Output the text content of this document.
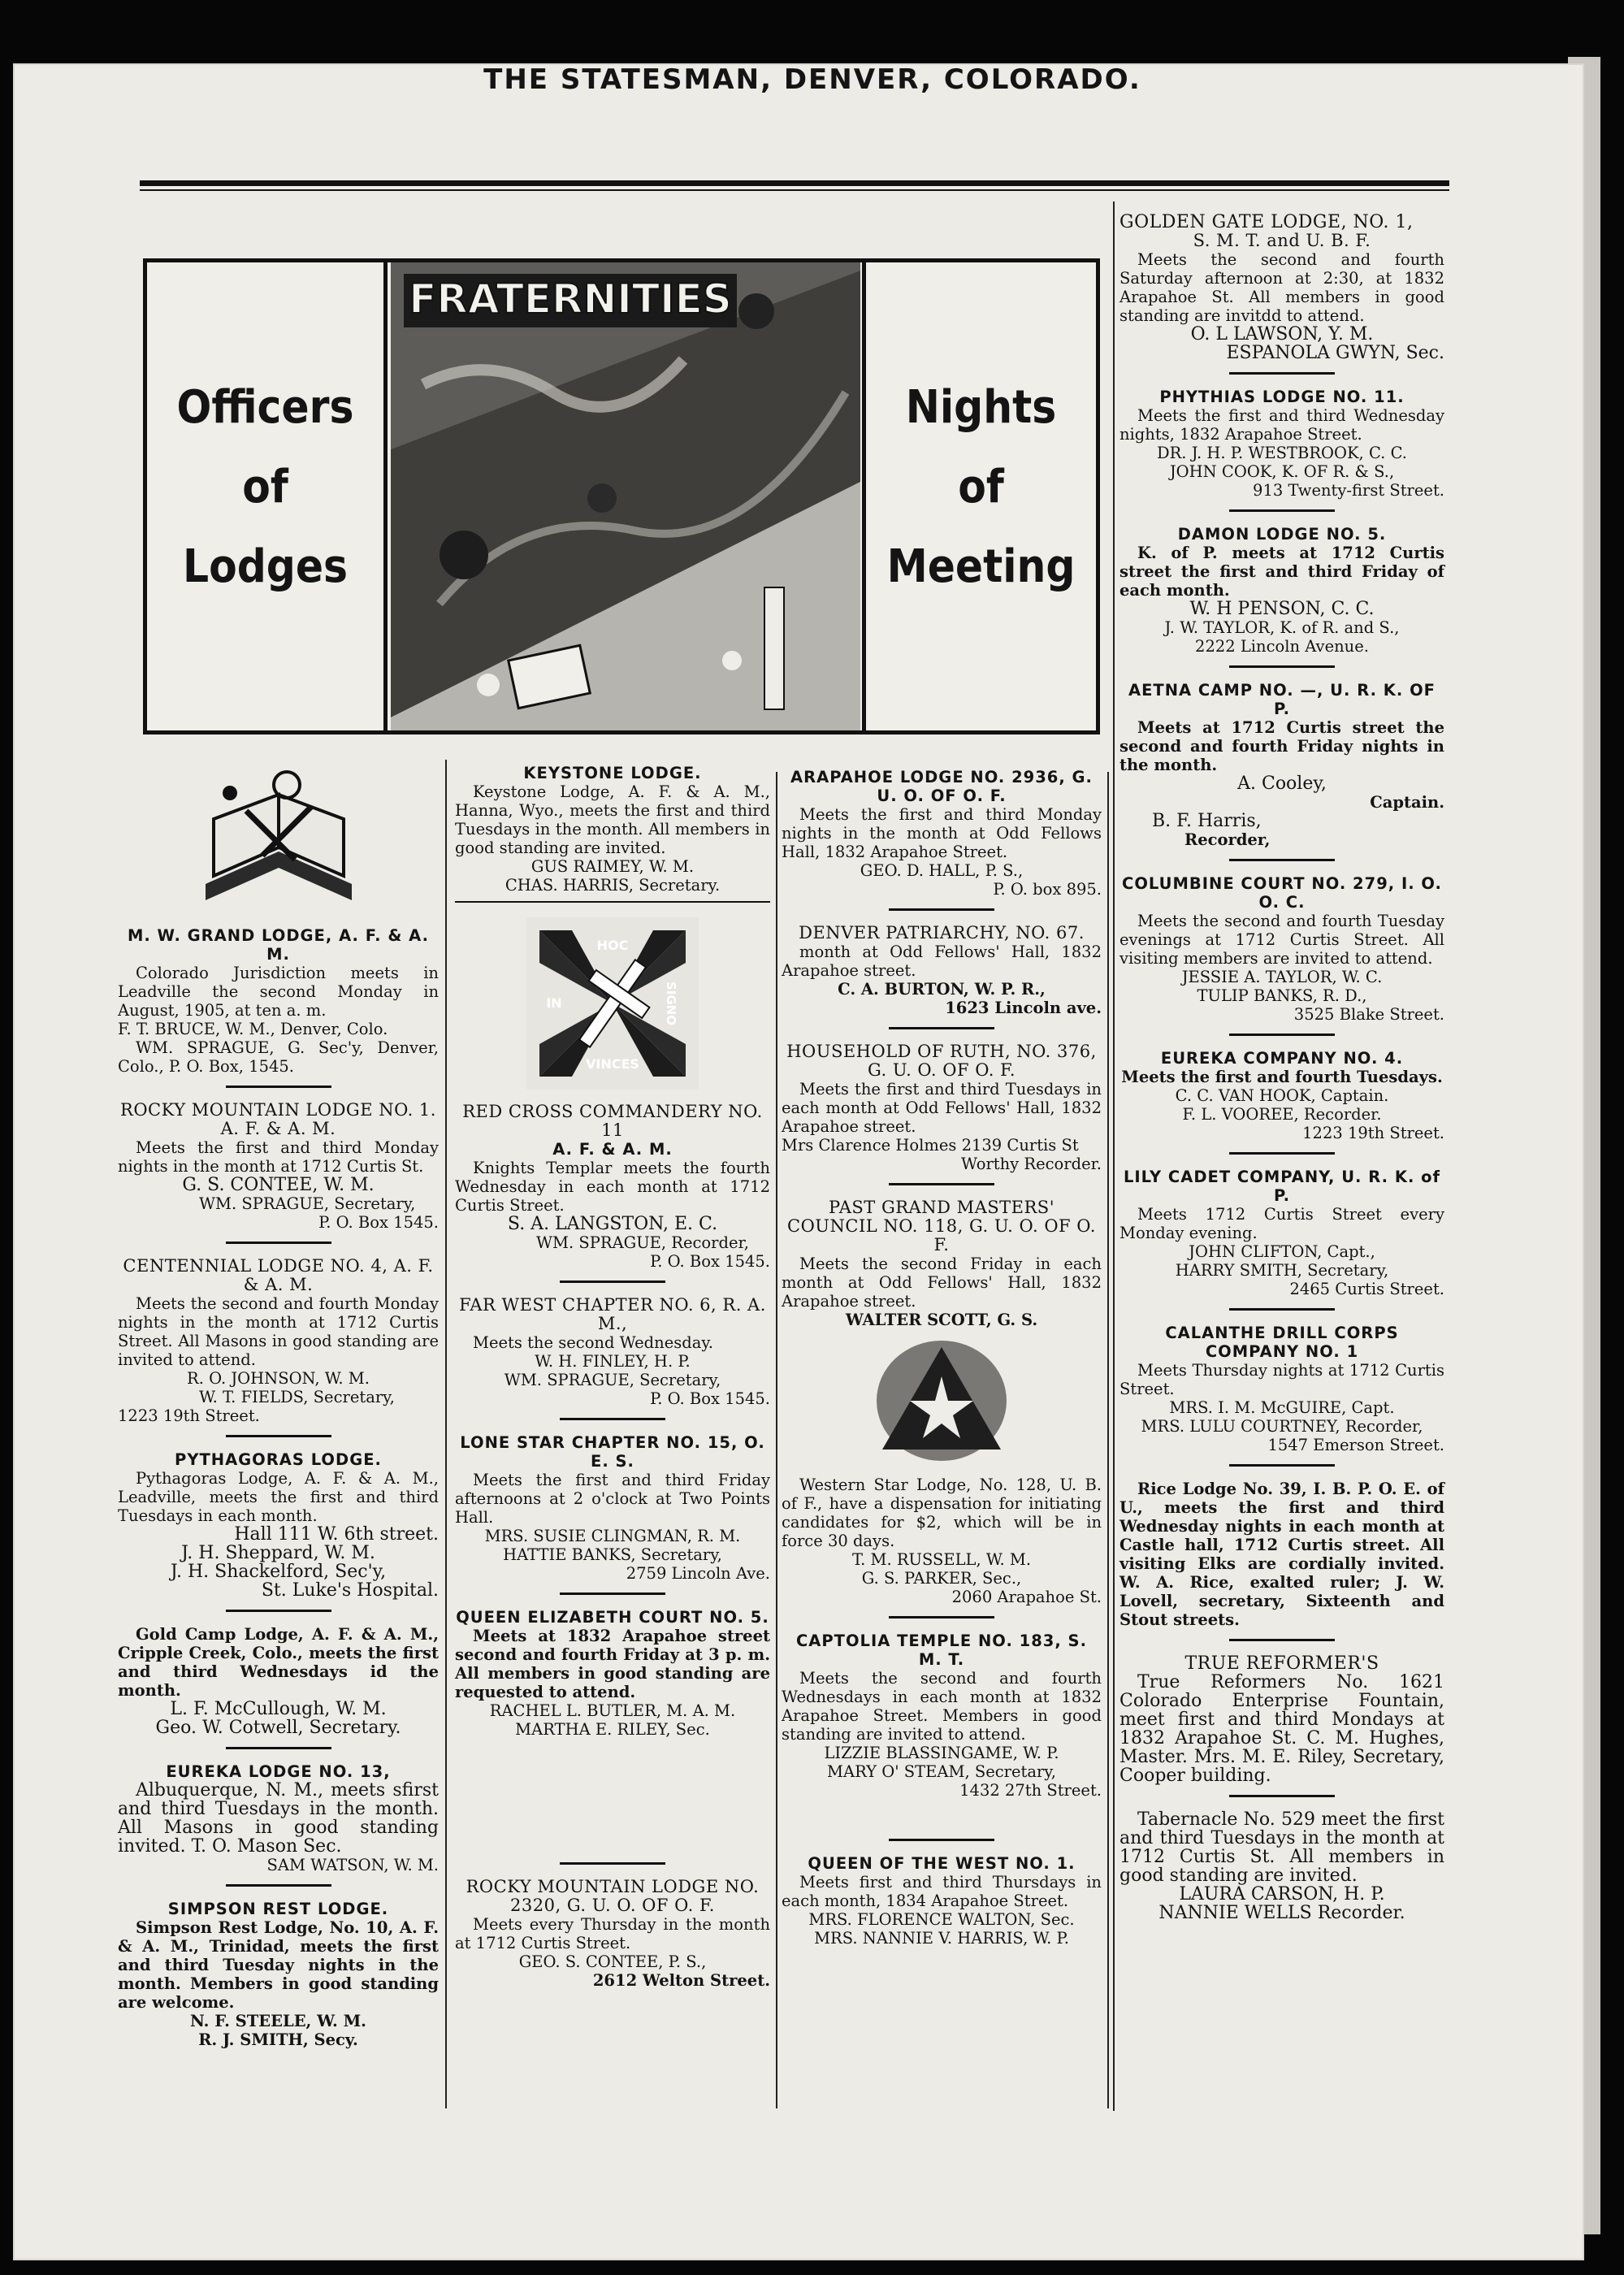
THE STATESMAN, DENVER, COLORADO.
Officers
of
Lodges
FRATERNITIES
Nights
of
Meeting

M. W. GRAND LODGE, A. F. & A. M.

Colorado Jurisdiction meets in Leadville the second Monday in August, 1905, at ten a. m.

F. T. BRUCE, W. M., Denver, Colo.

WM. SPRAGUE, G. Sec'y, Denver, Colo., P. O. Box, 1545.

ROCKY MOUNTAIN LODGE NO. 1. A. F. & A. M.

Meets the first and third Monday nights in the month at 1712 Curtis St.

G. S. CONTEE, W. M.

WM. SPRAGUE, Secretary,

P. O. Box 1545.

CENTENNIAL LODGE NO. 4, A. F. & A. M.

Meets the second and fourth Monday nights in the month at 1712 Curtis Street. All Masons in good standing are invited to attend.

R. O. JOHNSON, W. M.

W. T. FIELDS, Secretary,

1223 19th Street.

PYTHAGORAS LODGE.

Pythagoras Lodge, A. F. & A. M., Leadville, meets the first and third Tuesdays in each month.

Hall 111 W. 6th street.

J. H. Sheppard, W. M.

J. H. Shackelford, Sec'y,

St. Luke's Hospital.

Gold Camp Lodge, A. F. & A. M., Cripple Creek, Colo., meets the first and third Wednesdays id the month.

L. F. McCullough, W. M.

Geo. W. Cotwell, Secretary.

EUREKA LODGE NO. 13,

Albuquerque, N. M., meets sfirst and third Tuesdays in the month. All Masons in good standing invited. T. O. Mason Sec.

SAM WATSON, W. M.

SIMPSON REST LODGE.

Simpson Rest Lodge, No. 10, A. F. & A. M., Trinidad, meets the first and third Tuesday nights in the month. Members in good standing are welcome.

N. F. STEELE, W. M.

R. J. SMITH, Secy.

KEYSTONE LODGE.

Keystone Lodge, A. F. & A. M., Hanna, Wyo., meets the first and third Tuesdays in the month. All members in good standing are invited.

GUS RAIMEY, W. M.

CHAS. HARRIS, Secretary.

HOC
SIGNO
IN
VINCES

RED CROSS COMMANDERY NO. 11

A. F. & A. M.

Knights Templar meets the fourth Wednesday in each month at 1712 Curtis Street.

S. A. LANGSTON, E. C.

WM. SPRAGUE, Recorder,

P. O. Box 1545.

FAR WEST CHAPTER NO. 6, R. A. M.,

Meets the second Wednesday.

W. H. FINLEY, H. P.

WM. SPRAGUE, Secretary,

P. O. Box 1545.

LONE STAR CHAPTER NO. 15, O. E. S.

Meets the first and third Friday afternoons at 2 o'clock at Two Points Hall.

MRS. SUSIE CLINGMAN, R. M.

HATTIE BANKS, Secretary,

2759 Lincoln Ave.

QUEEN ELIZABETH COURT NO. 5.

Meets at 1832 Arapahoe street second and fourth Friday at 3 p. m. All members in good standing are requested to attend.

RACHEL L. BUTLER, M. A. M.

MARTHA E. RILEY, Sec.

ROCKY MOUNTAIN LODGE NO. 2320, G. U. O. OF O. F.

Meets every Thursday in the month at 1712 Curtis Street.

GEO. S. CONTEE, P. S.,

2612 Welton Street.

ARAPAHOE LODGE NO. 2936, G. U. O. OF O. F.

Meets the first and third Monday nights in the month at Odd Fellows Hall, 1832 Arapahoe Street.

GEO. D. HALL, P. S.,

P. O. box 895.

DENVER PATRIARCHY, NO. 67.

month at Odd Fellows' Hall, 1832 Arapahoe street.

C. A. BURTON, W. P. R.,

1623 Lincoln ave.

HOUSEHOLD OF RUTH, NO. 376, G. U. O. OF O. F.

Meets the first and third Tuesdays in each month at Odd Fellows' Hall, 1832 Arapahoe street.

Mrs Clarence Holmes 2139 Curtis St

Worthy Recorder.

PAST GRAND MASTERS' COUNCIL NO. 118, G. U. O. OF O. F.

Meets the second Friday in each month at Odd Fellows' Hall, 1832 Arapahoe street.

WALTER SCOTT, G. S.

Western Star Lodge, No. 128, U. B. of F., have a dispensation for initiating candidates for $2, which will be in force 30 days.

T. M. RUSSELL, W. M.

G. S. PARKER, Sec.,

2060 Arapahoe St.

CAPTOLIA TEMPLE NO. 183, S. M. T.

Meets the second and fourth Wednesdays in each month at 1832 Arapahoe Street. Members in good standing are invited to attend.

LIZZIE BLASSINGAME, W. P.

MARY O' STEAM, Secretary,

1432 27th Street.

QUEEN OF THE WEST NO. 1.

Meets first and third Thursdays in each month, 1834 Arapahoe Street.

MRS. FLORENCE WALTON, Sec.

MRS. NANNIE V. HARRIS, W. P.

GOLDEN GATE LODGE, NO. 1,

S. M. T. and U. B. F.

Meets the second and fourth Saturday afternoon at 2:30, at 1832 Arapahoe St. All members in good standing are invitdd to attend.

O. L LAWSON, Y. M.

ESPANOLA GWYN, Sec.

PHYTHIAS LODGE NO. 11.

Meets the first and third Wednesday nights, 1832 Arapahoe Street.

DR. J. H. P. WESTBROOK, C. C.

JOHN COOK, K. OF R. & S.,

913 Twenty-first Street.

DAMON LODGE NO. 5.

K. of P. meets at 1712 Curtis street the first and third Friday of each month.

W. H PENSON, C. C.

J. W. TAYLOR, K. of R. and S.,

2222 Lincoln Avenue.

AETNA CAMP NO. —, U. R. K. OF P.

Meets at 1712 Curtis street the second and fourth Friday nights in the month.

A. Cooley,

Captain.

B. F. Harris,

Recorder,

COLUMBINE COURT NO. 279, I. O. O. C.

Meets the second and fourth Tuesday evenings at 1712 Curtis Street. All visiting members are invited to attend.

JESSIE A. TAYLOR, W. C.

TULIP BANKS, R. D.,

3525 Blake Street.

EUREKA COMPANY NO. 4.

Meets the first and fourth Tuesdays.

C. C. VAN HOOK, Captain.

F. L. VOOREE, Recorder.

1223 19th Street.

LILY CADET COMPANY, U. R. K. of P.

Meets 1712 Curtis Street every Monday evening.

JOHN CLIFTON, Capt.,

HARRY SMITH, Secretary,

2465 Curtis Street.

CALANTHE DRILL CORPS COMPANY NO. 1

Meets Thursday nights at 1712 Curtis Street.

MRS. I. M. McGUIRE, Capt.

MRS. LULU COURTNEY, Recorder,

1547 Emerson Street.

Rice Lodge No. 39, I. B. P. O. E. of U., meets the first and third Wednesday nights in each month at Castle hall, 1712 Curtis street. All visiting Elks are cordially invited. W. A. Rice, exalted ruler; J. W. Lovell, secretary, Sixteenth and Stout streets.

TRUE REFORMER'S

True Reformers No. 1621 Colorado Enterprise Fountain, meet first and third Mondays at 1832 Arapahoe St. C. M. Hughes, Master. Mrs. M. E. Riley, Secretary, Cooper building.

Tabernacle No. 529 meet the first and third Tuesdays in the month at 1712 Curtis St. All members in good standing are invited.

LAURA CARSON, H. P.

NANNIE WELLS Recorder.
